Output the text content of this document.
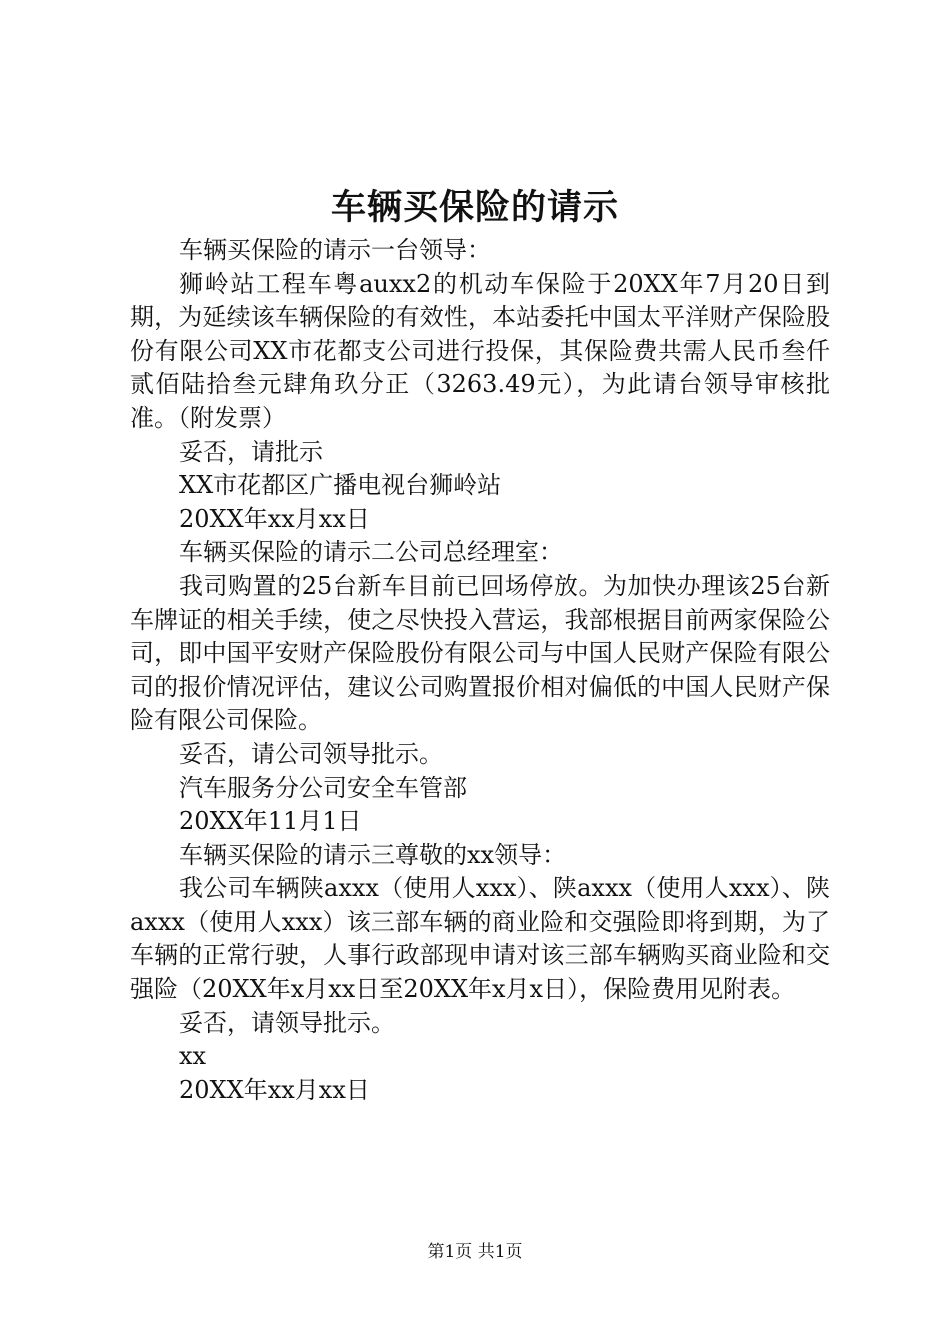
车辆买保险的请示

车辆买保险的请示一台领导：

狮岭站工程车粤auxx2的机动车保险于20XX年7月20日到期，为延续该车辆保险的有效性，本站委托中国太平洋财产保险股份有限公司XX市花都支公司进行投保，其保险费共需人民币叁仟贰佰陆拾叁元肆角玖分正（3263.49元），为此请台领导审核批准。（附发票）

妥否，请批示

XX市花都区广播电视台狮岭站

20XX年xx月xx日

车辆买保险的请示二公司总经理室：

我司购置的25台新车目前已回场停放。为加快办理该25台新车牌证的相关手续，使之尽快投入营运，我部根据目前两家保险公司，即中国平安财产保险股份有限公司与中国人民财产保险有限公司的报价情况评估，建议公司购置报价相对偏低的中国人民财产保险有限公司保险。

妥否，请公司领导批示。

汽车服务分公司安全车管部

20XX年11月1日

车辆买保险的请示三尊敬的xx领导：

我公司车辆陕axxx（使用人xxx）、陕axxx（使用人xxx）、陕axxx（使用人xxx）该三部车辆的商业险和交强险即将到期，为了车辆的正常行驶，人事行政部现申请对该三部车辆购买商业险和交强险（20XX年x月xx日至20XX年x月x日），保险费用见附表。

妥否，请领导批示。

xx

20XX年xx月xx日

第1页 共1页
